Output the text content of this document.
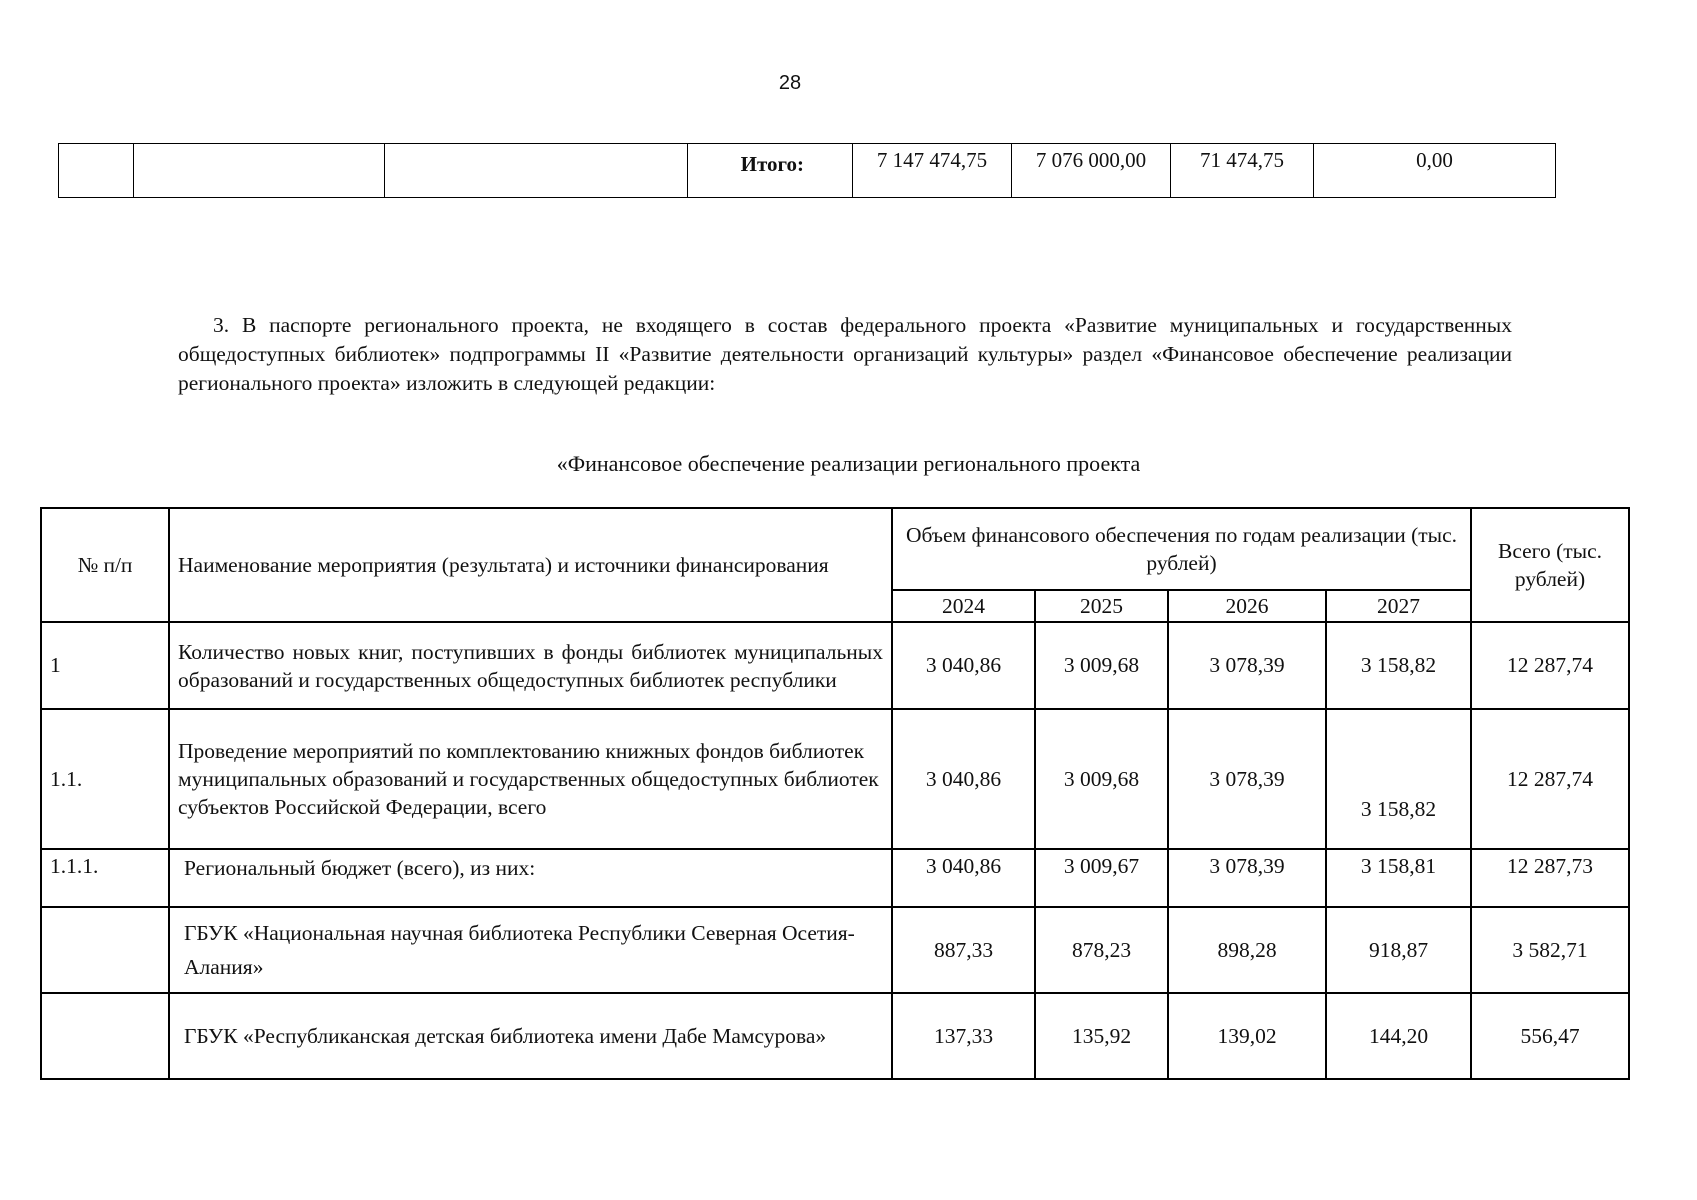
28
			Итого:	7 147 474,75	7 076 000,00	71 474,75	0,00
3. В паспорте регионального проекта, не входящего в состав федерального проекта «Развитие муниципальных и государственных общедоступных библиотек» подпрограммы II «Развитие деятельности организаций культуры» раздел «Финансовое обеспечение реализации регионального проекта» изложить в следующей редакции:
«Финансовое обеспечение реализации регионального проекта
№ п/п	Наименование мероприятия (результата) и источники финансирования	Объем финансового обеспечения по годам реализации (тыс. рублей)				Всего (тыс. рублей)
		2024	2025	2026	2027	
1	Количество новых книг, поступивших в фонды библиотек муниципальных образований и государственных общедоступных библиотек республики	3 040,86	3 009,68	3 078,39	3 158,82	12 287,74
1.1.	Проведение мероприятий по комплектованию книжных фондов библиотек муниципальных образований и государственных общедоступных библиотек субъектов Российской Федерации, всего	3 040,86	3 009,68	3 078,39	3 158,82	12 287,74
1.1.1.	Региональный бюджет (всего), из них:	3 040,86	3 009,67	3 078,39	3 158,81	12 287,73
	ГБУК «Национальная научная библиотека Республики Северная Осетия-Алания»	887,33	878,23	898,28	918,87	3 582,71
	ГБУК «Республиканская детская библиотека имени Дабе Мамсурова»	137,33	135,92	139,02	144,20	556,47
